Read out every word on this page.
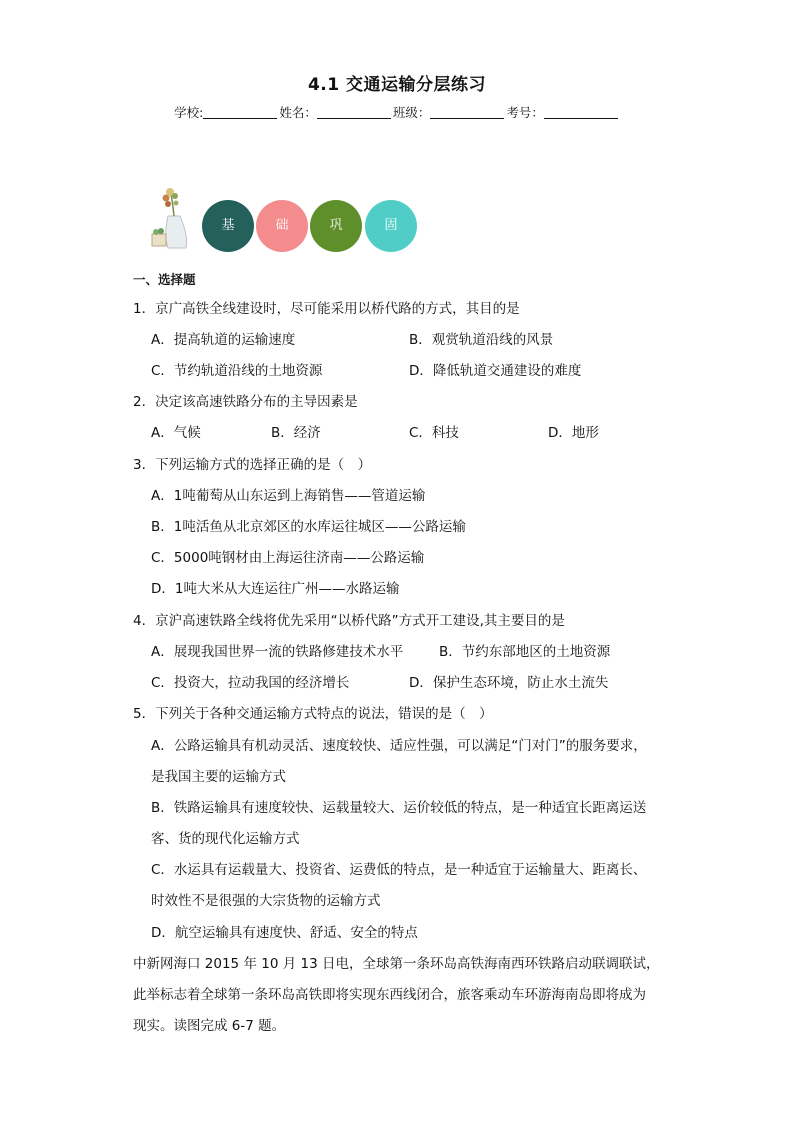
4.1 交通运输分层练习
学校:	姓名：	班级：	考号：
基	础	巩	固
一、选择题
1．京广高铁全线建设时，尽可能采用以桥代路的方式，其目的是
A．提高轨道的运输速度	B．观赏轨道沿线的风景
C．节约轨道沿线的土地资源	D．降低轨道交通建设的难度
2．决定该高速铁路分布的主导因素是
A．气候	B．经济	C．科技	D．地形
3．下列运输方式的选择正确的是（　）
A．1吨葡萄从山东运到上海销售——管道运输
B．1吨活鱼从北京郊区的水库运往城区——公路运输
C．5000吨钢材由上海运往济南——公路运输
D．1吨大米从大连运往广州——水路运输
4．京沪高速铁路全线将优先采用“以桥代路”方式开工建设,其主要目的是
A．展现我国世界一流的铁路修建技术水平	B．节约东部地区的土地资源
C．投资大，拉动我国的经济增长	D．保护生态环境，防止水土流失
5．下列关于各种交通运输方式特点的说法，错误的是（　）
A．公路运输具有机动灵活、速度较快、适应性强，可以满足“门对门”的服务要求，
是我国主要的运输方式
B．铁路运输具有速度较快、运载量较大、运价较低的特点，是一种适宜长距离运送
客、货的现代化运输方式
C．水运具有运载量大、投资省、运费低的特点，是一种适宜于运输量大、距离长、
时效性不是很强的大宗货物的运输方式
D．航空运输具有速度快、舒适、安全的特点
中新网海口 2015 年 10 月 13 日电，全球第一条环岛高铁海南西环铁路启动联调联试，
此举标志着全球第一条环岛高铁即将实现东西线闭合，旅客乘动车环游海南岛即将成为
现实。读图完成 6-7 题。
